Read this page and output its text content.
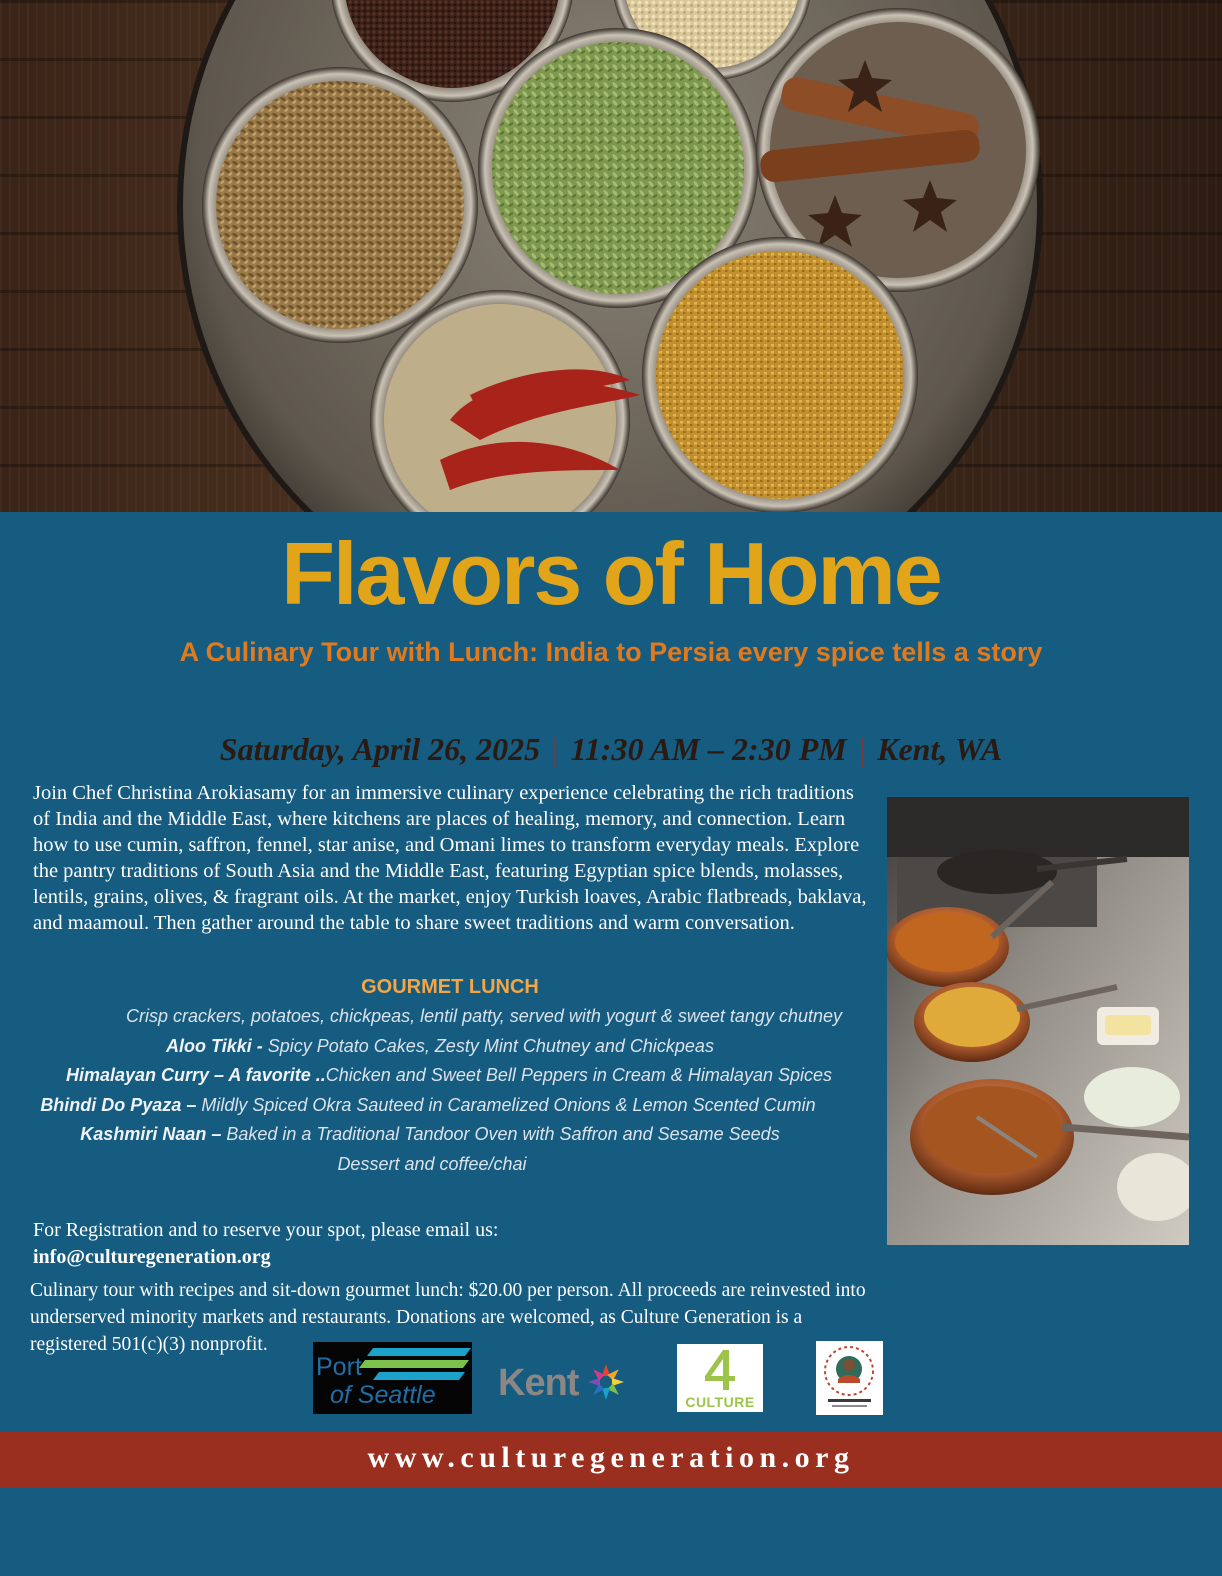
Flavors of Home

A Culinary Tour with Lunch: India to Persia every spice tells a story

Saturday, April 26, 2025 | 11:30 AM – 2:30 PM | Kent, WA

Join Chef Christina Arokiasamy for an immersive culinary experience celebrating the rich traditions of India and the Middle East, where kitchens are places of healing, memory, and connection. Learn how to use cumin, saffron, fennel, star anise, and Omani limes to transform everyday meals. Explore the pantry traditions of South Asia and the Middle East, featuring Egyptian spice blends, molasses, lentils, grains, olives, & fragrant oils. At the market, enjoy Turkish loaves, Arabic flatbreads, baklava, and maamoul. Then gather around the table to share sweet traditions and warm conversation.

GOURMET LUNCH
Crisp crackers, potatoes, chickpeas, lentil patty, served with yogurt & sweet tangy chutney
Aloo Tikki - Spicy Potato Cakes, Zesty Mint Chutney and Chickpeas
Himalayan Curry – A favorite ..Chicken and Sweet Bell Peppers in Cream & Himalayan Spices
Bhindi Do Pyaza – Mildly Spiced Okra Sauteed in Caramelized Onions & Lemon Scented Cumin
Kashmiri Naan – Baked in a Traditional Tandoor Oven with Saffron and Sesame Seeds
Dessert and coffee/chai
For Registration and to reserve your spot, please email us:
info@culturegeneration.org

Culinary tour with recipes and sit-down gourmet lunch: $20.00 per person. All proceeds are reinvested into underserved minority markets and restaurants. Donations are welcomed, as Culture Generation is a registered 501(c)(3) nonprofit.

Port
of Seattle Kent	CULTURE
www.culturegeneration.org
